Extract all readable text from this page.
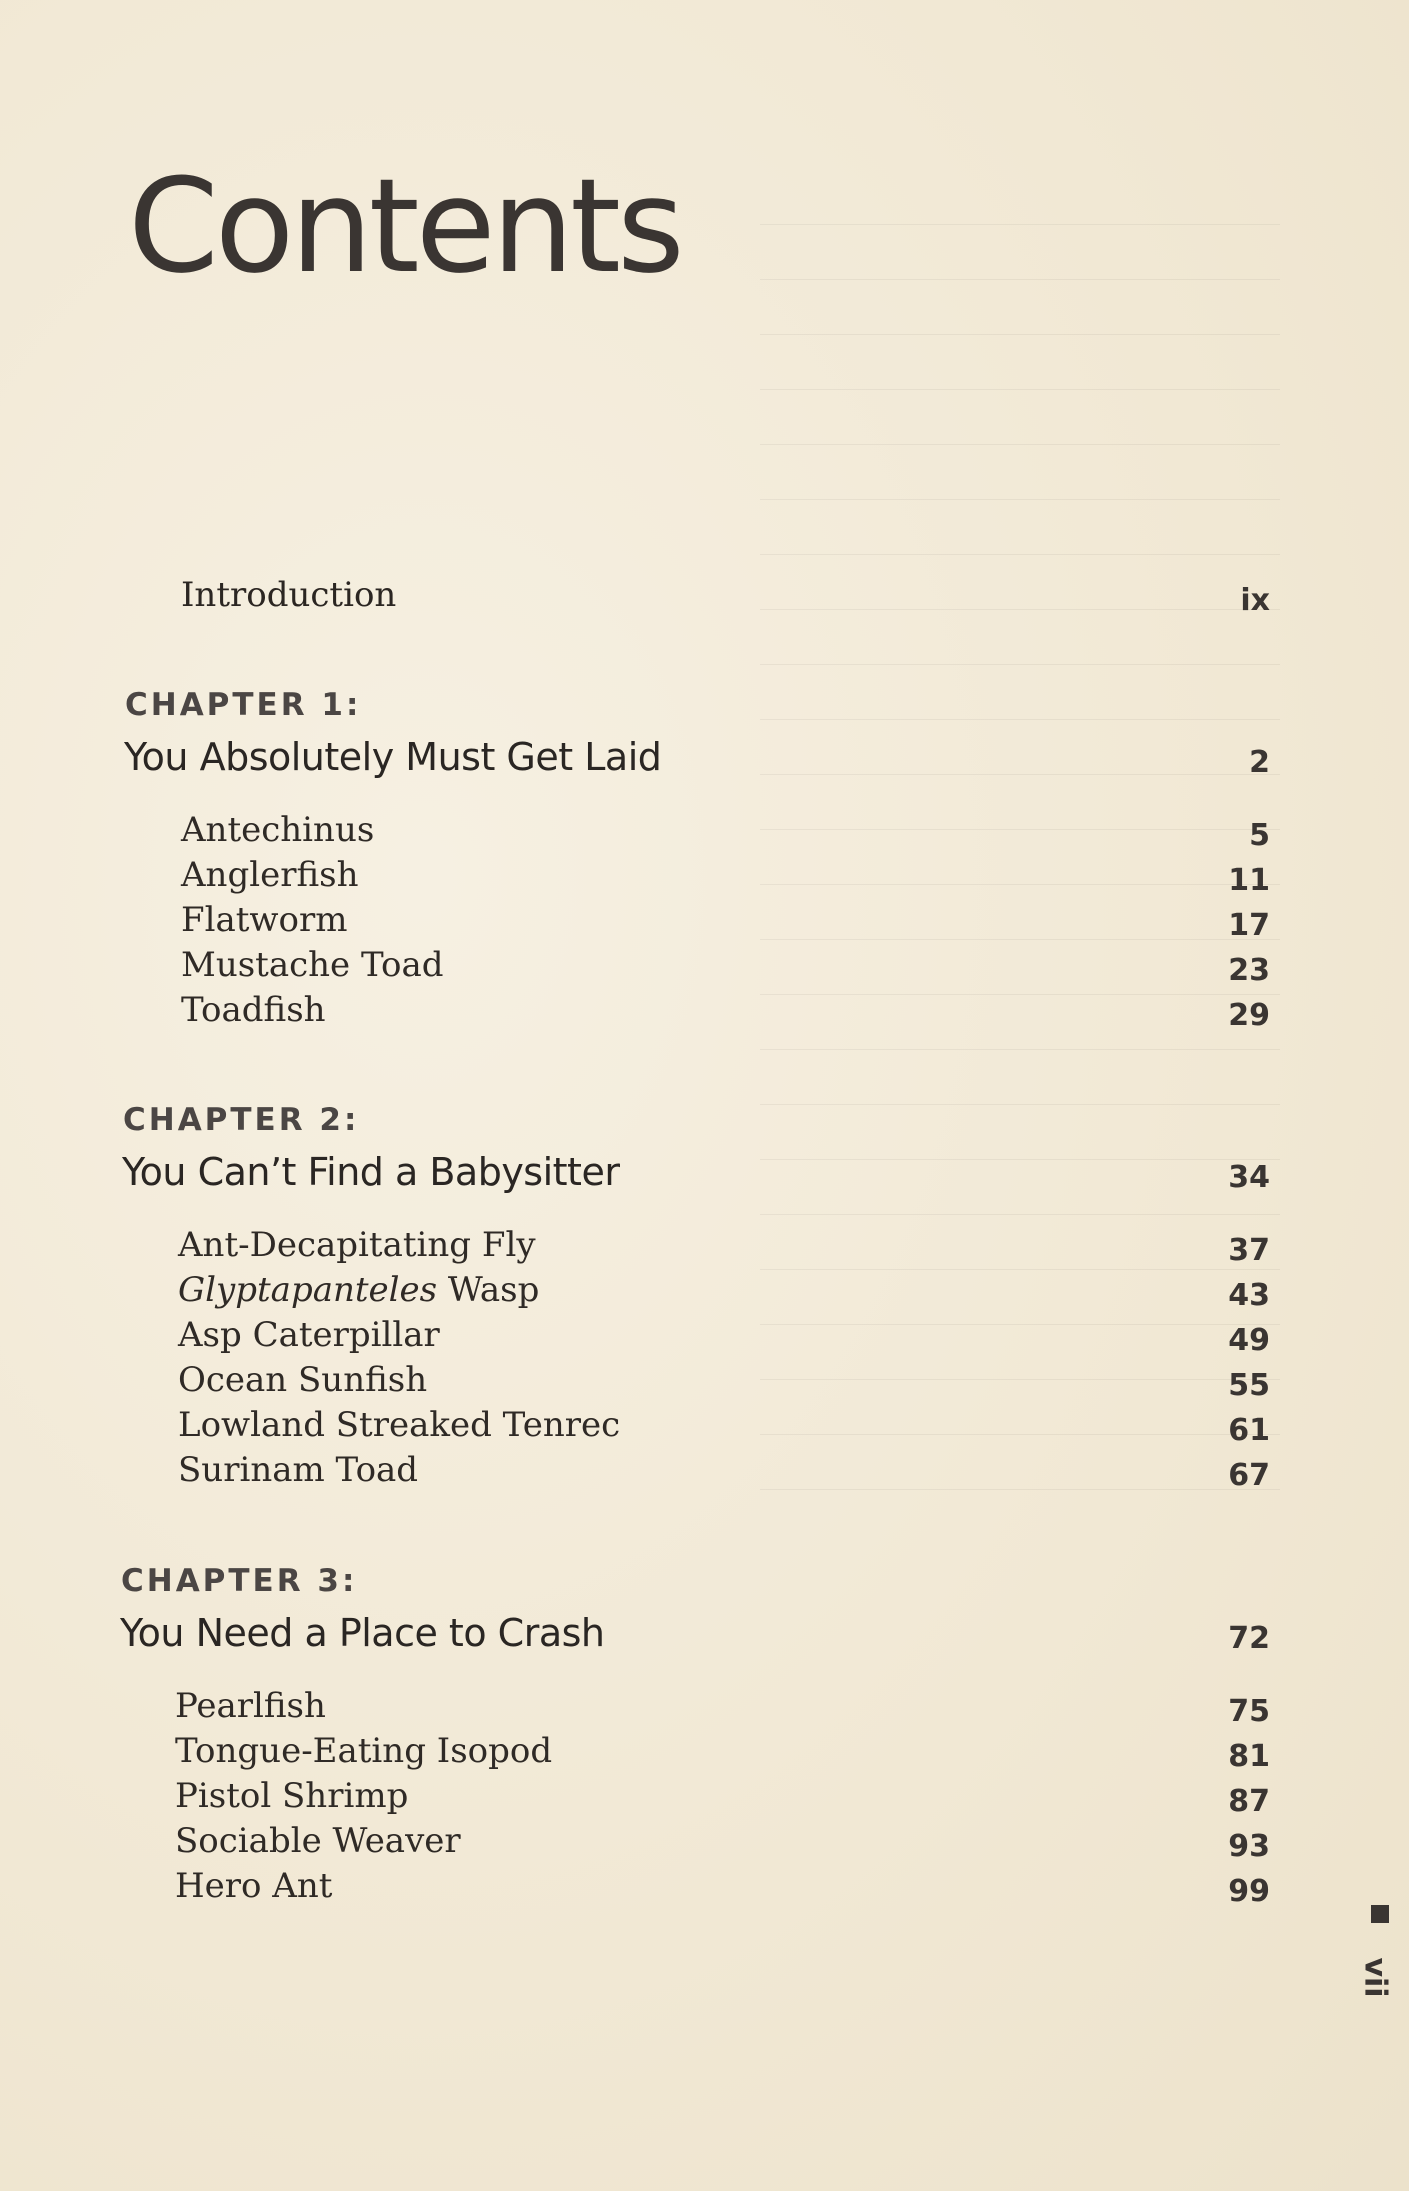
Contents
Introduction	ix
CHAPTER 1:
You Absolutely Must Get Laid	2
Antechinus	5
Anglerfish	11
Flatworm	17
Mustache Toad	23
Toadfish	29
CHAPTER 2:
You Can’t Find a Babysitter	34
Ant-Decapitating Fly	37
Glyptapanteles Wasp	43
Asp Caterpillar	49
Ocean Sunfish	55
Lowland Streaked Tenrec	61
Surinam Toad	67
CHAPTER 3:
You Need a Place to Crash	72
Pearlfish	75
Tongue-Eating Isopod	81
Pistol Shrimp	87
Sociable Weaver	93
Hero Ant	99
vii
